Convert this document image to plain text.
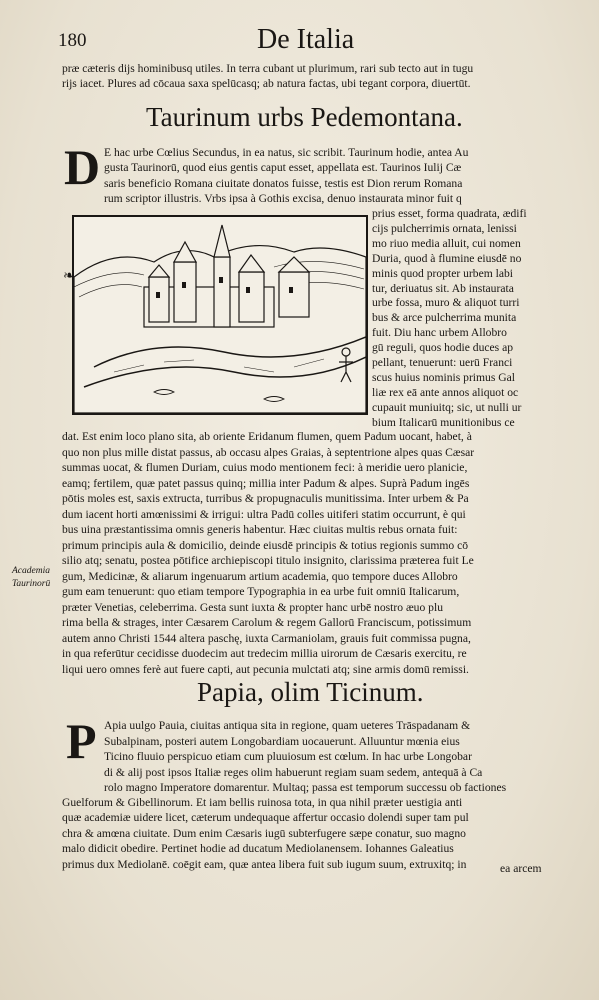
180	De Italia
præ cæteris dijs hominibusq utiles. In terra cubant ut plurimum, rari sub tecto aut in tugu
rijs iacet. Plures ad cōcaua saxa spelūcasq; ab natura factas, ubi tegant corpora, diuertūt.
Taurinum urbs Pedemontana.
D E hac urbe Cœlius Secundus, in ea natus, sic scribit. Taurinum hodie, antea Au
gusta Taurinorū, quod eius gentis caput esset, appellata est. Taurinos Iulij Cæ
saris beneficio Romana ciuitate donatos fuisse, testis est Dion rerum Romana
rum scriptor illustris. Vrbs ipsa à Gothis excisa, denuo instaurata minor fuit q
❧
prius esset, forma quadrata, ædifi
cijs pulcherrimis ornata, lenissi
mo riuo media alluit, cui nomen
Duria, quod à flumine eiusdē no
minis quod propter urbem labi
tur, deriuatus sit. Ab instaurata
urbe fossa, muro & aliquot turri
bus & arce pulcherrima munita
fuit. Diu hanc urbem Allobro
gū reguli, quos hodie duces ap
pellant, tenuerunt: uerū Franci
scus huius nominis primus Gal
liæ rex eā ante annos aliquot oc
cupauit muniuitq; sic, ut nulli ur
bium Italicarū munitionibus ce
dat. Est enim loco plano sita, ab oriente Eridanum flumen, quem Padum uocant, habet, à
quo non plus mille distat passus, ab occasu alpes Graias, à septentrione alpes quas Cæsar
summas uocat, & flumen Duriam, cuius modo mentionem feci: à meridie uero planicie,
eamq; fertilem, quæ patet passus quinq; millia inter Padum & alpes. Suprà Padum ingēs
pōtis moles est, saxis extructa, turribus & propugnaculis munitissima. Inter urbem & Pa
dum iacent horti amœnissimi & irrigui: ultra Padū colles uitiferi statim occurrunt, è qui
bus uina præstantissima omnis generis habentur. Hæc ciuitas multis rebus ornata fuit:
primum principis aula & domicilio, deinde eiusdē principis & totius regionis summo cō
silio atq; senatu, postea pōtifice archiepiscopi titulo insignito, clarissima præterea fuit Le
gum, Medicinæ, & aliarum ingenuarum artium academia, quo tempore duces Allobro
gum eam tenuerunt: quo etiam tempore Typographia in ea urbe fuit omniū Italicarum,
præter Venetias, celeberrima. Gesta sunt iuxta & propter hanc urbē nostro æuo plu
rima bella & strages, inter Cæsarem Carolum & regem Gallorū Franciscum, potissimum
autem anno Christi 1544 altera paschę, iuxta Carmaniolam, grauis fuit commissa pugna,
in qua referūtur cecidisse duodecim aut tredecim millia uirorum de Cæsaris exercitu, re
liqui uero omnes ferè aut fuere capti, aut pecunia mulctati atq; sine armis domū remissi.
Academia
Taurinorū
Papia, olim Ticinum.
P Apia uulgo Pauia, ciuitas antiqua sita in regione, quam ueteres Trāspadanam &
Subalpinam, posteri autem Longobardiam uocauerunt. Alluuntur mœnia eius
Ticino fluuio perspicuo etiam cum pluuiosum est cœlum. In hac urbe Longobar
di & alij post ipsos Italiæ reges olim habuerunt regiam suam sedem, antequā à Ca
rolo magno Imperatore domarentur. Multaq; passa est temporum successu ob factiones
Guelforum & Gibellinorum. Et iam bellis ruinosa tota, in qua nihil præter uestigia anti
quæ academiæ uidere licet, cæterum undequaque affertur occasio dolendi super tam pul
chra & amœna ciuitate. Dum enim Cæsaris iugū subterfugere sæpe conatur, suo magno
malo didicit obedire. Pertinet hodie ad ducatum Mediolanensem. Iohannes Galeatius
primus dux Mediolanē. coēgit eam, quæ antea libera fuit sub iugum suum, extruxitq; in	ea arcem
